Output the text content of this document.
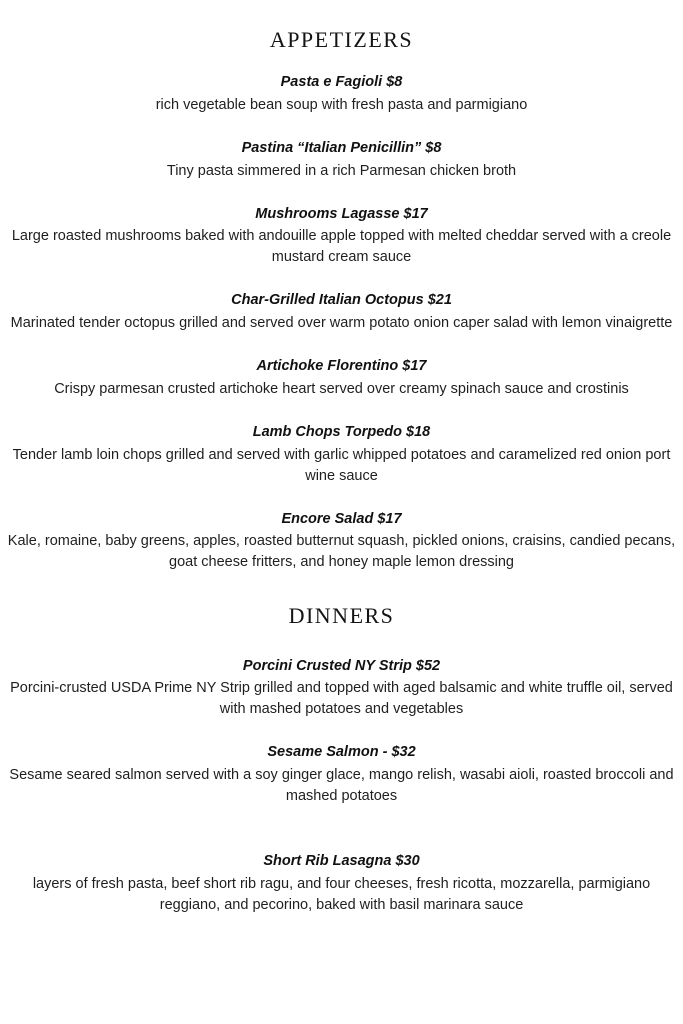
appetizers
Pasta e Fagioli $8
rich vegetable bean soup with fresh pasta and parmigiano
Pastina “Italian Penicillin” $8
Tiny pasta simmered in a rich Parmesan chicken broth
Mushrooms Lagasse $17
Large roasted mushrooms baked with andouille apple topped with melted cheddar served with a creole mustard cream sauce
Char-Grilled Italian Octopus $21
Marinated tender octopus grilled and served over warm potato onion caper salad with lemon vinaigrette
Artichoke Florentino $17
Crispy parmesan crusted artichoke heart served over creamy spinach sauce and crostinis
Lamb Chops Torpedo $18
Tender lamb loin chops grilled and served with garlic whipped potatoes and caramelized red onion port wine sauce
Encore Salad $17
Kale, romaine, baby greens, apples, roasted butternut squash, pickled onions, craisins, candied pecans, goat cheese fritters, and honey maple lemon dressing
dinners
Porcini Crusted NY Strip $52
Porcini-crusted USDA Prime NY Strip grilled and topped with aged balsamic and white truffle oil, served with mashed potatoes and vegetables
Sesame Salmon - $32
Sesame seared salmon served with a soy ginger glace, mango relish, wasabi aioli, roasted broccoli and mashed potatoes
Short Rib Lasagna $30
layers of fresh pasta, beef short rib ragu, and four cheeses, fresh ricotta, mozzarella, parmigiano reggiano, and pecorino, baked with basil marinara sauce
